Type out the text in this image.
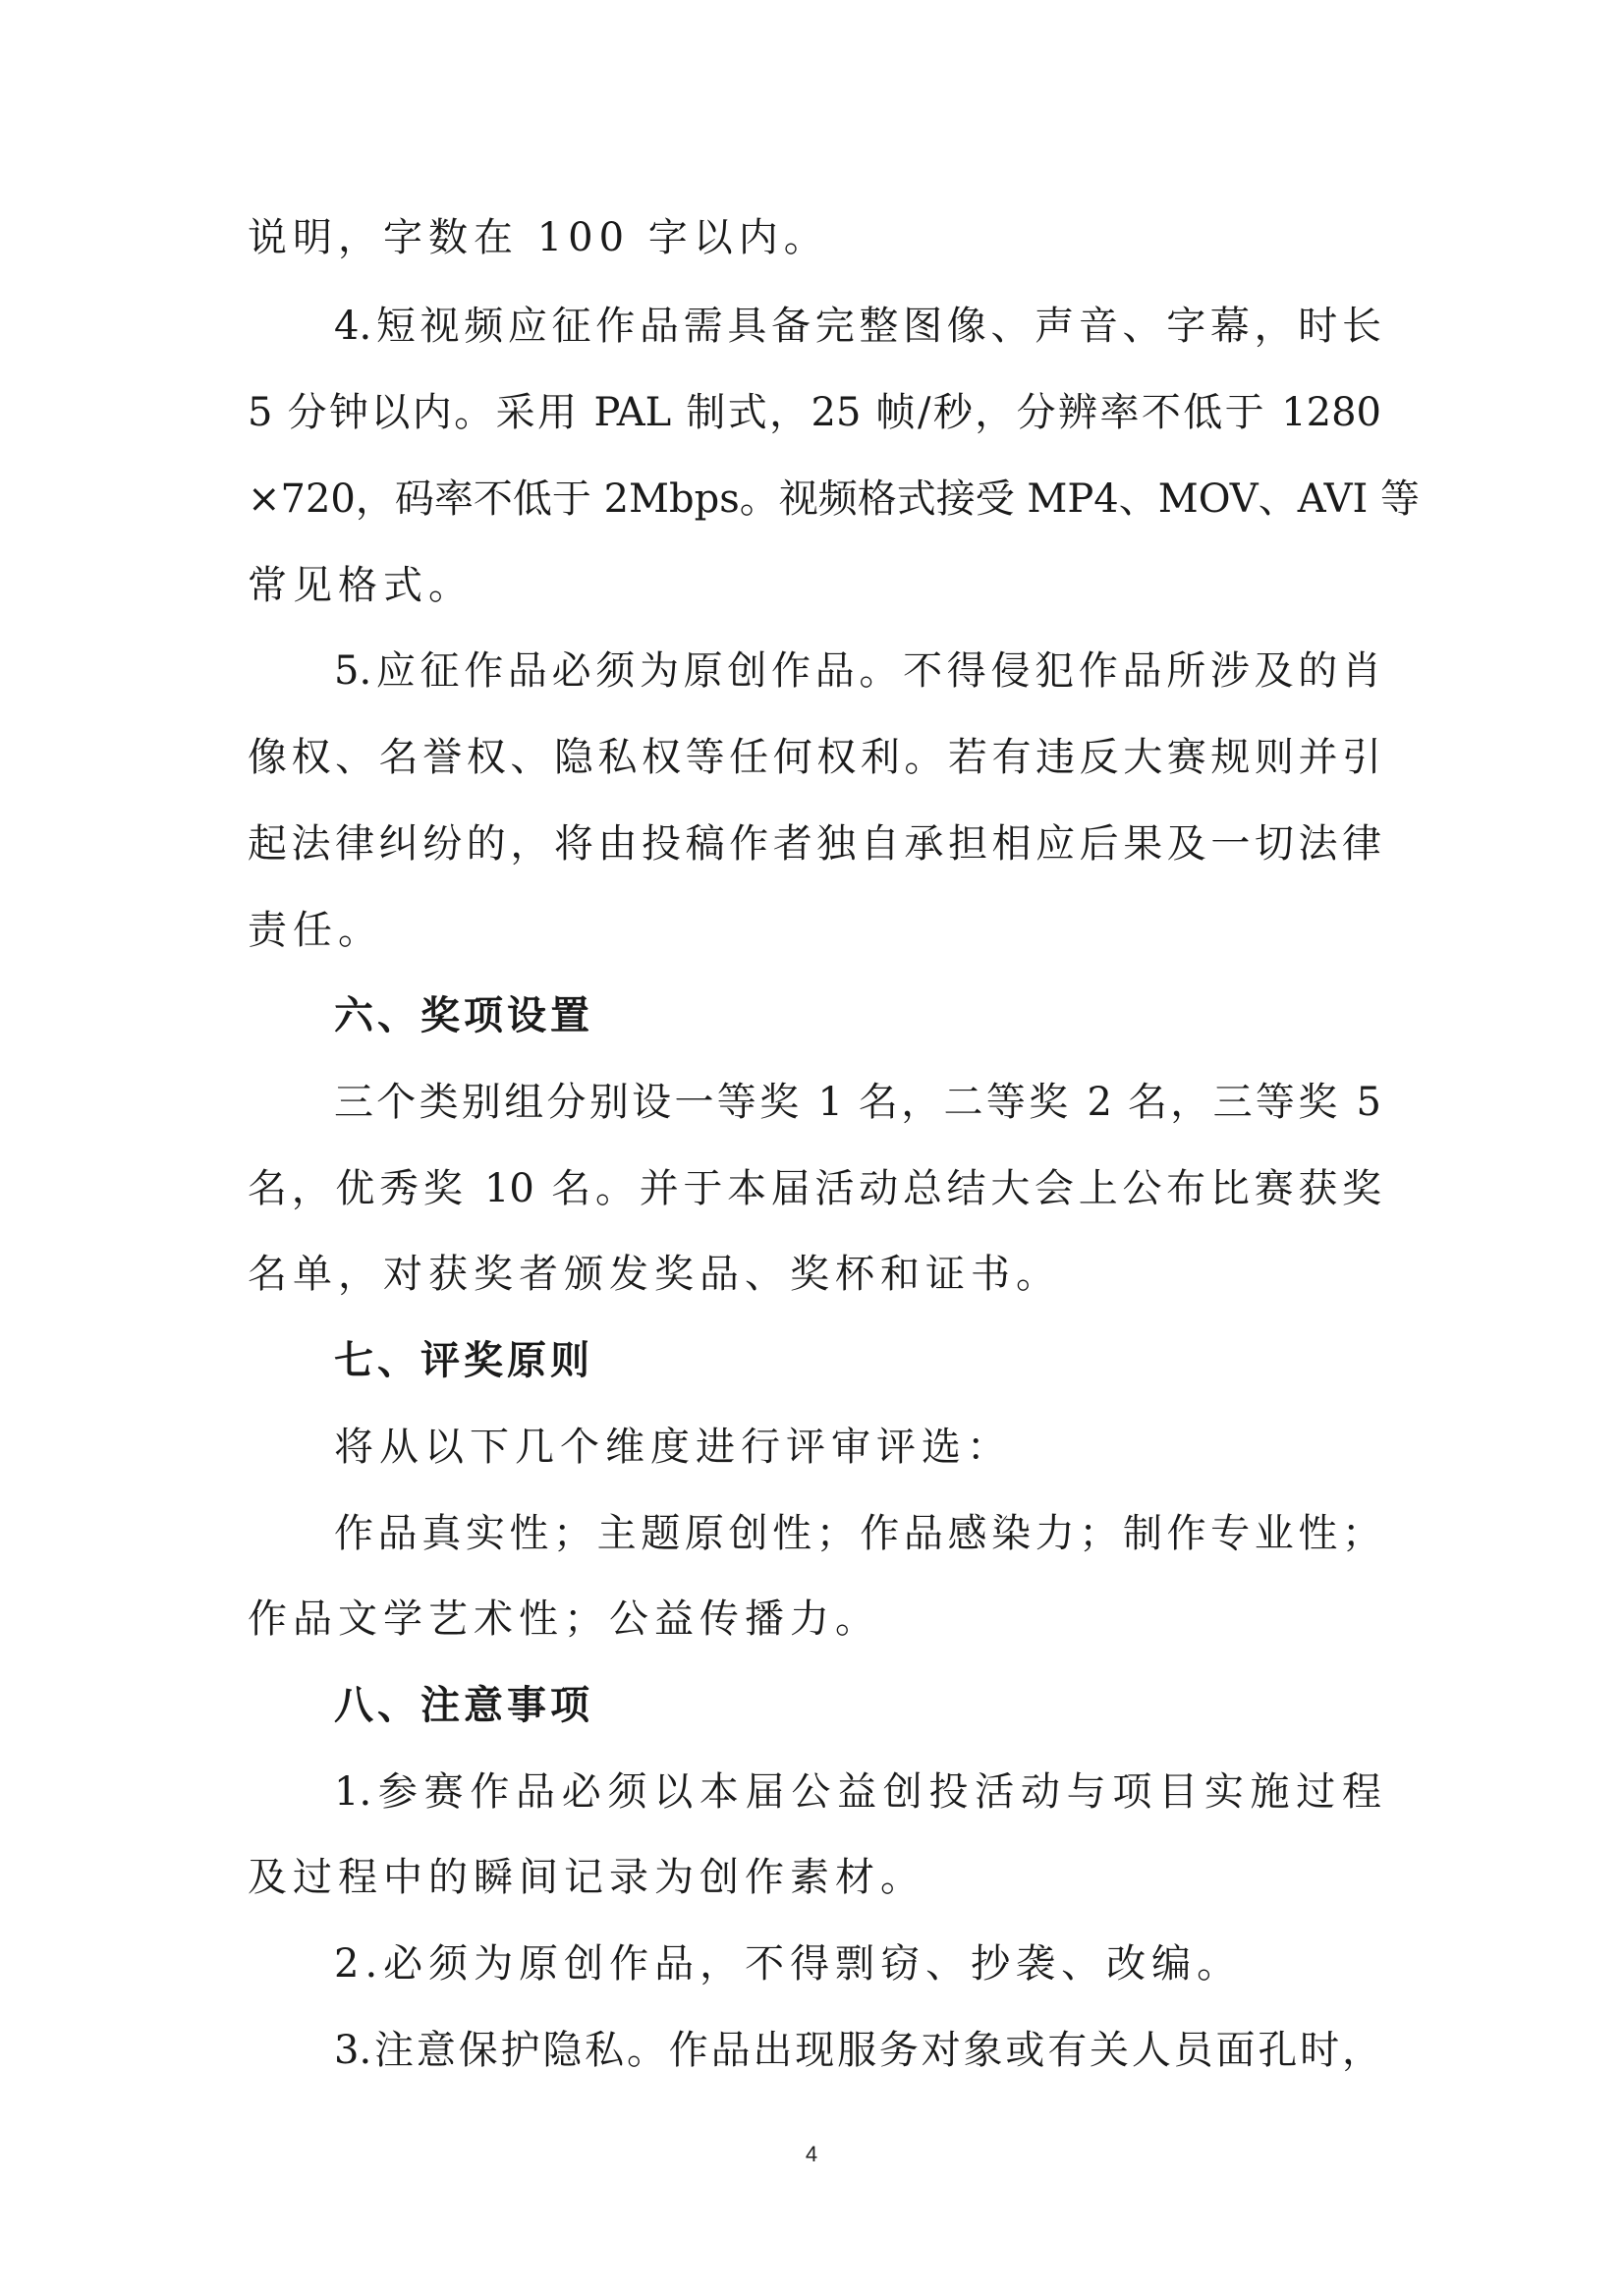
说明，字数在 100 字以内。
4.短视频应征作品需具备完整图像、声音、字幕，时长
5 分钟以内。采用 PAL 制式，25 帧/秒，分辨率不低于 1280
×720，码率不低于 2Mbps。视频格式接受 MP4、MOV、AVI 等
常见格式。
5.应征作品必须为原创作品。不得侵犯作品所涉及的肖
像权、名誉权、隐私权等任何权利。若有违反大赛规则并引
起法律纠纷的，将由投稿作者独自承担相应后果及一切法律
责任。
六、奖项设置
三个类别组分别设一等奖 1 名，二等奖 2 名，三等奖 5
名，优秀奖 10 名。并于本届活动总结大会上公布比赛获奖
名单，对获奖者颁发奖品、奖杯和证书。
七、评奖原则
将从以下几个维度进行评审评选：
作品真实性；主题原创性；作品感染力；制作专业性；
作品文学艺术性；公益传播力。
八、注意事项
1.参赛作品必须以本届公益创投活动与项目实施过程
及过程中的瞬间记录为创作素材。
2.必须为原创作品，不得剽窃、抄袭、改编。
3.注意保护隐私。作品出现服务对象或有关人员面孔时，
4
